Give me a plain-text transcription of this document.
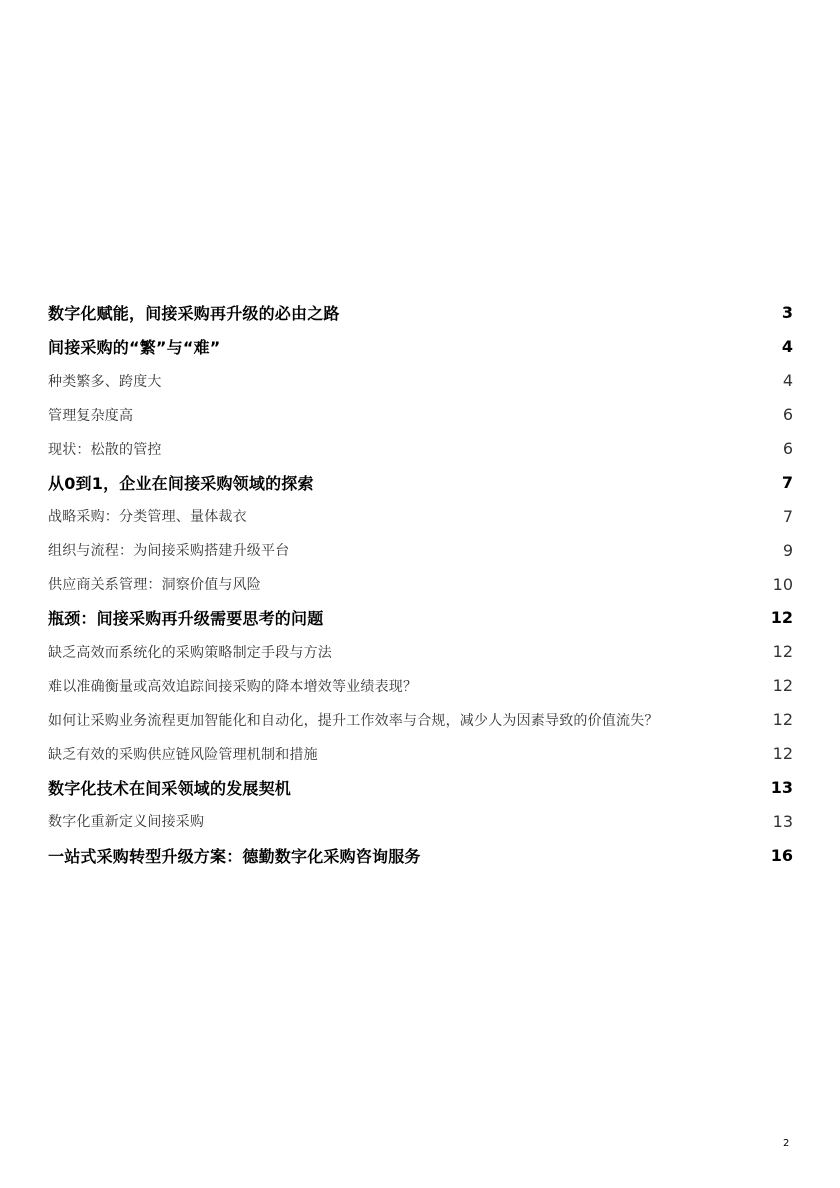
数字化赋能，间接采购再升级的必由之路	3
间接采购的“繁”与“难”	4
种类繁多、跨度大	4
管理复杂度高	6
现状：松散的管控	6
从0到1，企业在间接采购领域的探索	7
战略采购：分类管理、量体裁衣	7
组织与流程：为间接采购搭建升级平台	9
供应商关系管理：洞察价值与风险	10
瓶颈：间接采购再升级需要思考的问题	12
缺乏高效而系统化的采购策略制定手段与方法	12
难以准确衡量或高效追踪间接采购的降本增效等业绩表现？	12
如何让采购业务流程更加智能化和自动化，提升工作效率与合规，减少人为因素导致的价值流失？	12
缺乏有效的采购供应链风险管理机制和措施	12
数字化技术在间采领域的发展契机	13
数字化重新定义间接采购	13
一站式采购转型升级方案：德勤数字化采购咨询服务	16
2
